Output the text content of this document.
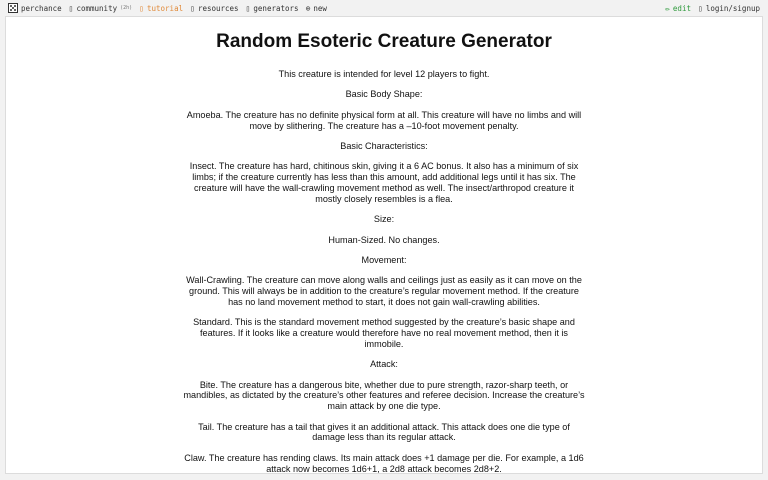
perchance ▯ community (2h) ▯ tutorial ▯ resources ▯ generators ⊕ new	✏ edit ▯ login/signup
Random Esoteric Creature Generator

This creature is intended for level 12 players to fight.

Basic Body Shape:

Amoeba. The creature has no definite physical form at all. This creature will have no limbs and will move by slithering. The creature has a –10-foot movement penalty.

Basic Characteristics:

Insect. The creature has hard, chitinous skin, giving it a 6 AC bonus. It also has a minimum of six limbs; if the creature currently has less than this amount, add additional legs until it has six. The creature will have the wall-crawling movement method as well. The insect/arthropod creature it mostly closely resembles is a flea.

Size:

Human-Sized. No changes.

Movement:

Wall-Crawling. The creature can move along walls and ceilings just as easily as it can move on the ground. This will always be in addition to the creature’s regular movement method. If the creature has no land movement method to start, it does not gain wall-crawling abilities.

Standard. This is the standard movement method suggested by the creature’s basic shape and features. If it looks like a creature would therefore have no real movement method, then it is immobile.

Attack:

Bite. The creature has a dangerous bite, whether due to pure strength, razor-sharp teeth, or mandibles, as dictated by the creature’s other features and referee decision. Increase the creature’s main attack by one die type.

Tail. The creature has a tail that gives it an additional attack. This attack does one die type of damage less than its regular attack.

Claw. The creature has rending claws. Its main attack does +1 damage per die. For example, a 1d6 attack now becomes 1d6+1, a 2d8 attack becomes 2d8+2.
